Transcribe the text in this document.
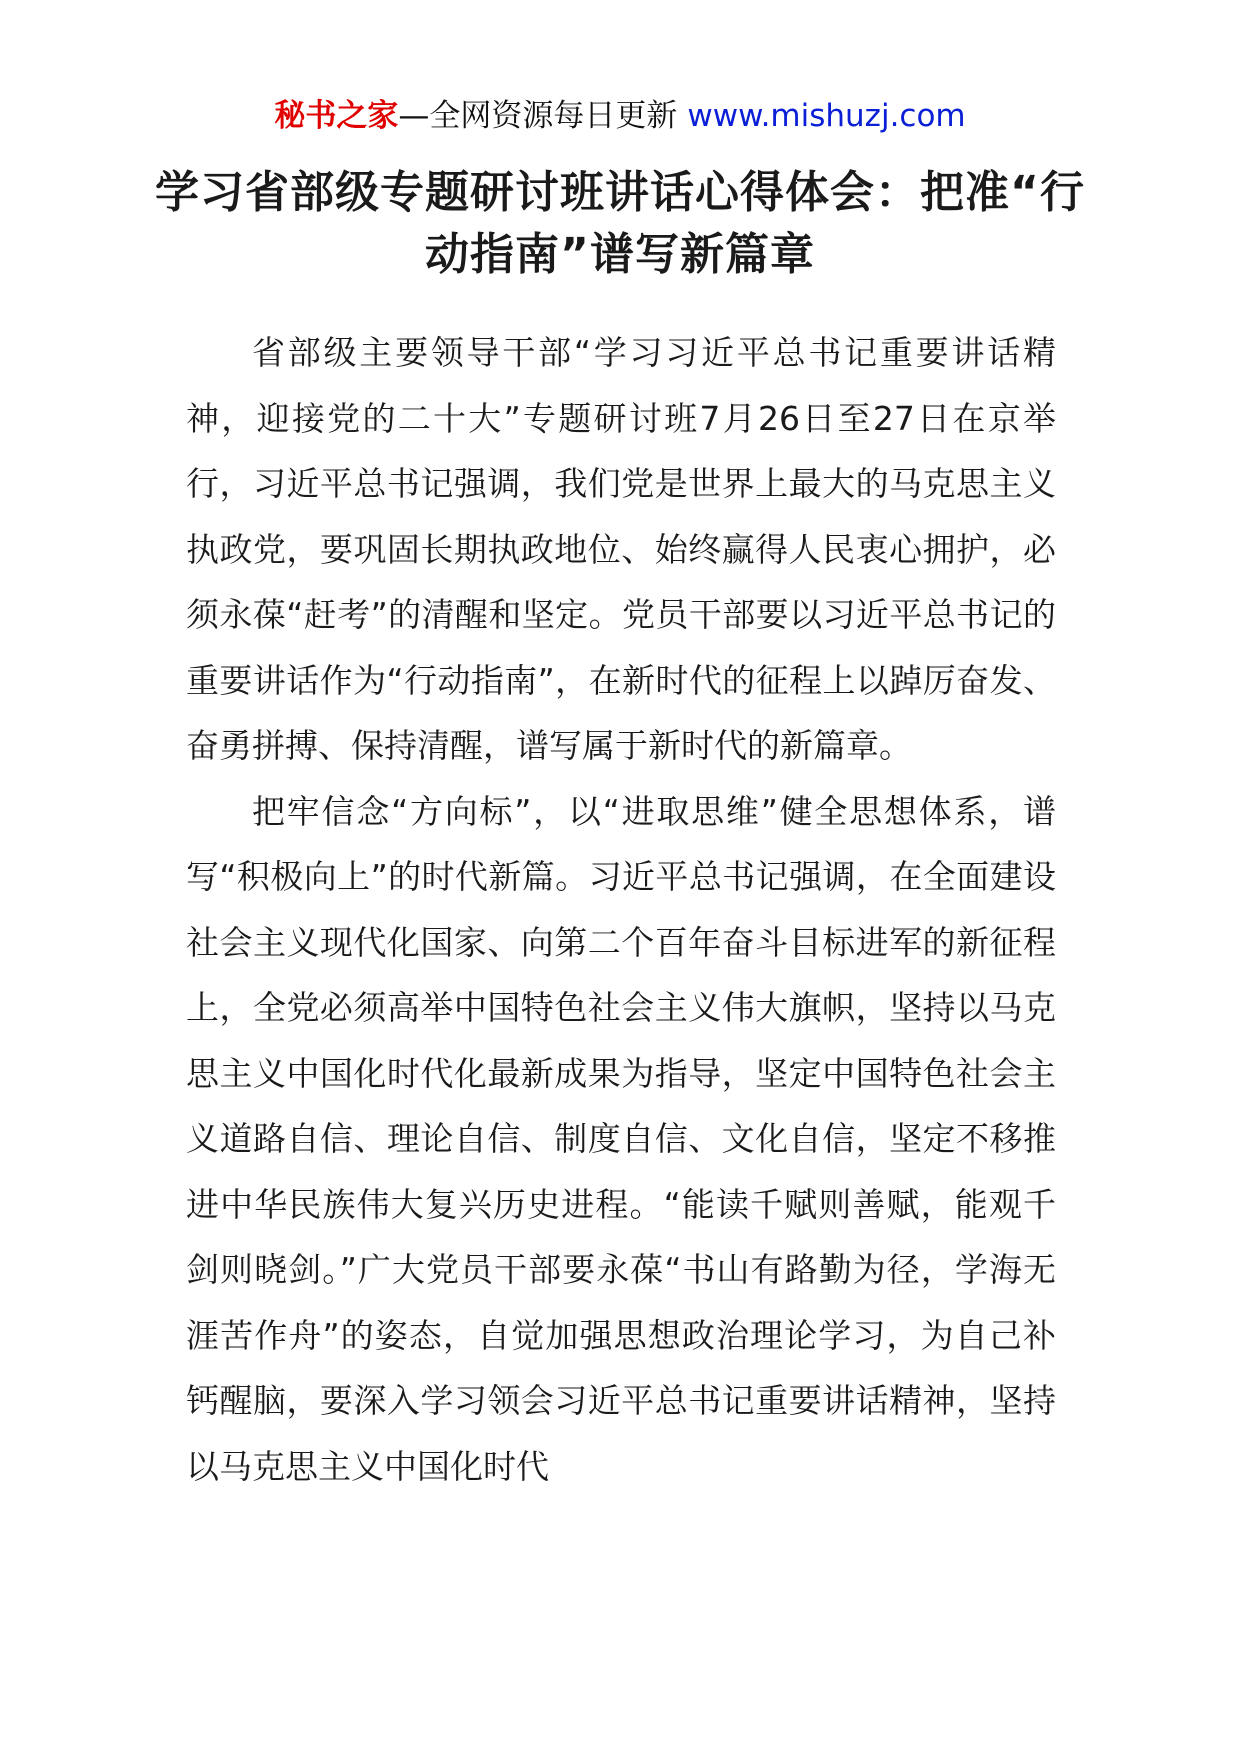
秘书之家—全网资源每日更新 www.mishuzj.com
学习省部级专题研讨班讲话心得体会：把准“行动指南”谱写新篇章

省部级主要领导干部“学习习近平总书记重要讲话精神，迎接党的二十大”专题研讨班7月26日至27日在京举行，习近平总书记强调，我们党是世界上最大的马克思主义执政党，要巩固长期执政地位、始终赢得人民衷心拥护，必须永葆“赶考”的清醒和坚定。党员干部要以习近平总书记的重要讲话作为“行动指南”，在新时代的征程上以踔厉奋发、奋勇拼搏、保持清醒，谱写属于新时代的新篇章。

把牢信念“方向标”，以“进取思维”健全思想体系，谱写“积极向上”的时代新篇。习近平总书记强调，在全面建设社会主义现代化国家、向第二个百年奋斗目标进军的新征程上，全党必须高举中国特色社会主义伟大旗帜，坚持以马克思主义中国化时代化最新成果为指导，坚定中国特色社会主义道路自信、理论自信、制度自信、文化自信，坚定不移推进中华民族伟大复兴历史进程。“能读千赋则善赋，能观千剑则晓剑。”广大党员干部要永葆“书山有路勤为径，学海无涯苦作舟”的姿态，自觉加强思想政治理论学习，为自己补钙醒脑，要深入学习领会习近平总书记重要讲话精神，坚持以马克思主义中国化时代
